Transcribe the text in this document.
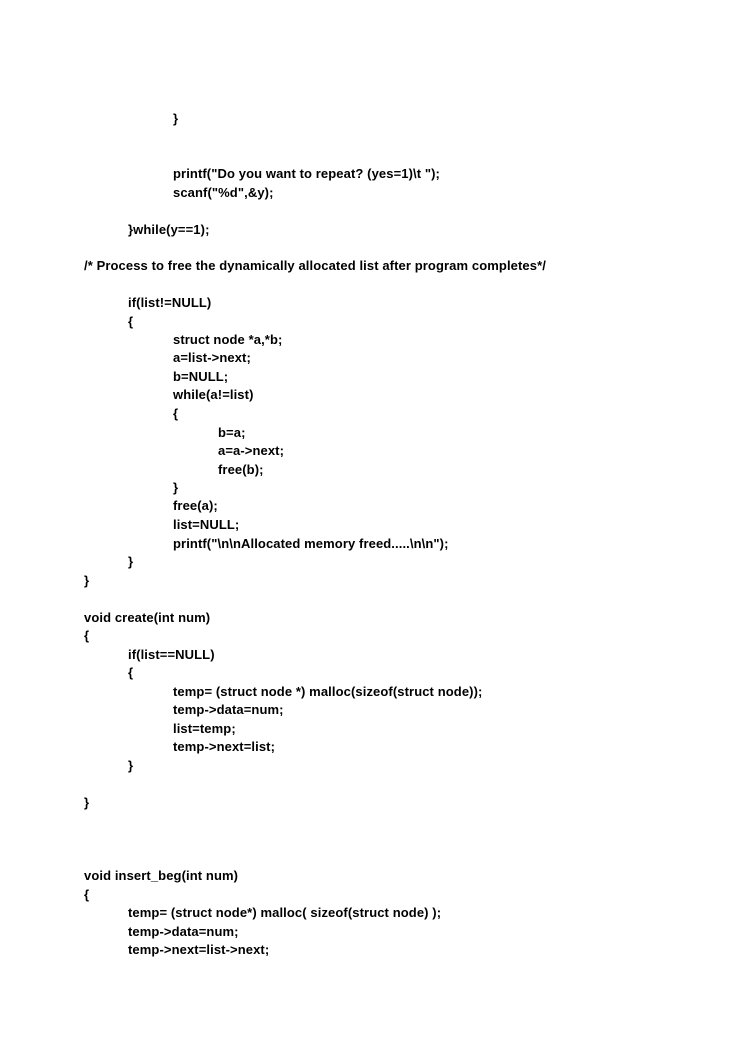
}
printf("Do you want to repeat? (yes=1)\t ");
scanf("%d",&y);
}while(y==1);
/* Process to free the dynamically allocated list after program completes*/
if(list!=NULL)
{
struct node *a,*b;
a=list->next;
b=NULL;
while(a!=list)
{
b=a;
a=a->next;
free(b);
}
free(a);
list=NULL;
printf("\n\nAllocated memory freed.....\n\n");
}
}
void create(int num)
{
if(list==NULL)
{
temp= (struct node *) malloc(sizeof(struct node));
temp->data=num;
list=temp;
temp->next=list;
}
}
void insert_beg(int num)
{
temp= (struct node*) malloc( sizeof(struct node) );
temp->data=num;
temp->next=list->next;
